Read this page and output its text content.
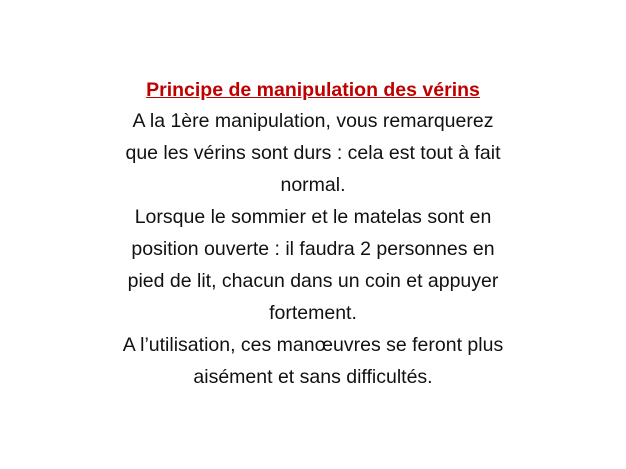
Principe de manipulation des vérins
A la 1ère manipulation, vous remarquerez
que les vérins sont durs : cela est tout à fait
normal.
Lorsque le sommier et le matelas sont en
position ouverte : il faudra 2 personnes en
pied de lit, chacun dans un coin et appuyer
fortement.
A l’utilisation, ces manœuvres se feront plus
aisément et sans difficultés.
